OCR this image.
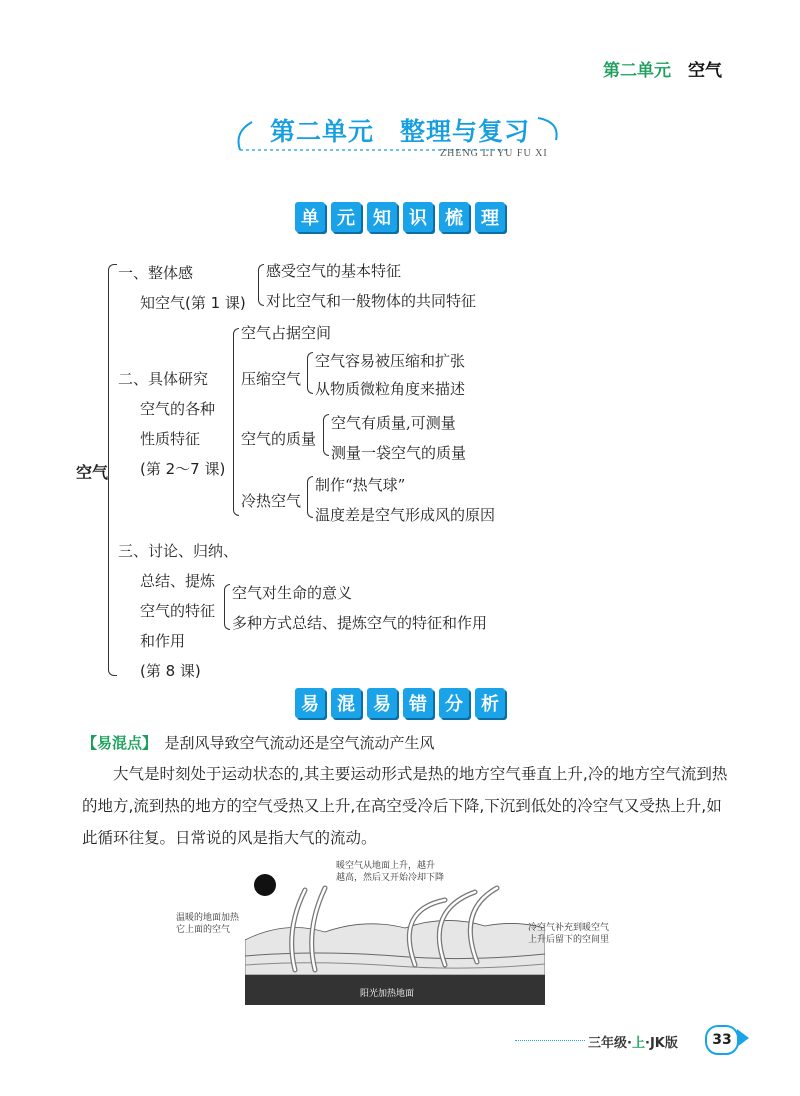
第二单元　 空气
第二单元　整理与复习
ZHENG LI YU FU XI
单	元	知	识	梳	理
空气
一、整体感
知空气(第 1 课)
感受空气的基本特征
对比空气和一般物体的共同特征
二、具体研究
空气的各种
性质特征
(第 2～7 课)
空气占据空间
压缩空气
空气容易被压缩和扩张
从物质微粒角度来描述
空气的质量
空气有质量,可测量
测量一袋空气的质量
冷热空气
制作“热气球”
温度差是空气形成风的原因
三、讨论、归纳、
总结、提炼
空气的特征
和作用
(第 8 课)
空气对生命的意义
多种方式总结、提炼空气的特征和作用
易	混	易	错	分	析
【易混点】　 是刮风导致空气流动还是空气流动产生风
大气是时刻处于运动状态的,其主要运动形式是热的地方空气垂直上升,冷的地方空气流到热的地方,流到热的地方的空气受热又上升,在高空受冷后下降,下沉到低处的冷空气又受热上升,如此循环往复。日常说的风是指大气的流动。
暖空气从地面上升，越升
越高，然后又开始冷却下降
温暖的地面加热
它上面的空气	冷空气补充到暖空气
上升后留下的空间里
阳光加热地面
三年级·上·JK版	33
